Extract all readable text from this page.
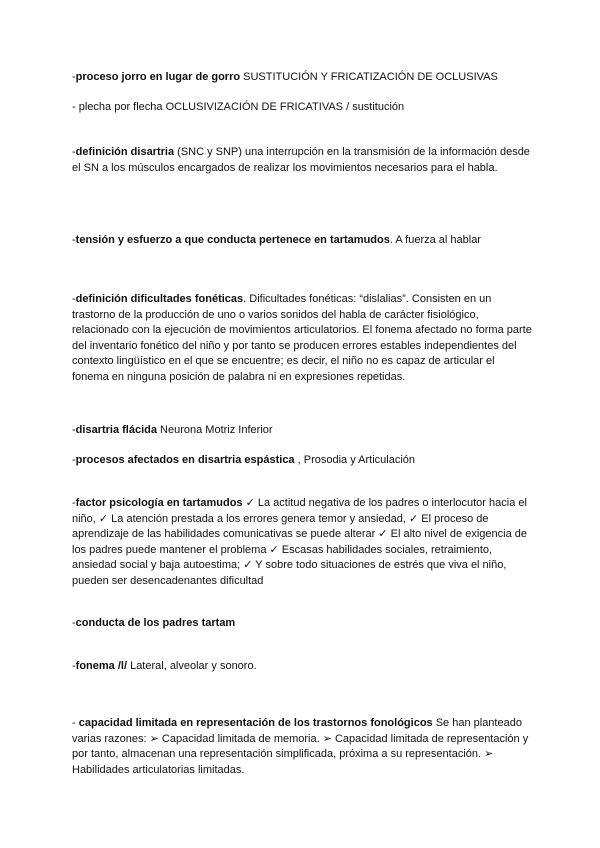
-proceso jorro en lugar de gorro SUSTITUCIÓN Y FRICATIZACIÓN DE OCLUSIVAS

- plecha por flecha OCLUSIVIZACIÓN DE FRICATIVAS / sustitución

-definición disartria (SNC y SNP) una interrupción en la transmisión de la información desde el SN a los músculos encargados de realizar los movimientos necesarios para el habla.

-tensión y esfuerzo a que conducta pertenece en tartamudos. A fuerza al hablar

-definición dificultades fonéticas. Dificultades fonéticas: “dislalias”. Consisten en un trastorno de la producción de uno o varios sonidos del habla de carácter fisiológico, relacionado con la ejecución de movimientos articulatorios. El fonema afectado no forma parte del inventario fonético del niño y por tanto se producen errores estables independientes del contexto lingüístico en el que se encuentre; es decir, el niño no es capaz de articular el fonema en ninguna posición de palabra ni en expresiones repetidas.

-disartria flácida Neurona Motriz Inferior

-procesos afectados en disartria espástica , Prosodia y Articulación

-factor psicología en tartamudos ✓ La actitud negativa de los padres o interlocutor hacia el niño, ✓ La atención prestada a los errores genera temor y ansiedad, ✓ El proceso de aprendizaje de las habilidades comunicativas se puede alterar ✓ El alto nivel de exigencia de los padres puede mantener el problema ✓ Escasas habilidades sociales, retraimiento, ansiedad social y baja autoestima; ✓ Y sobre todo situaciones de estrés que viva el niño, pueden ser desencadenantes dificultad

-conducta de los padres tartam

-fonema /l/ Lateral, alveolar y sonoro.

- capacidad limitada en representación de los trastornos fonológicos Se han planteado varias razones: ➢ Capacidad limitada de memoria. ➢ Capacidad limitada de representación y por tanto, almacenan una representación simplificada, próxima a su representación. ➢ Habilidades articulatorias limitadas.
